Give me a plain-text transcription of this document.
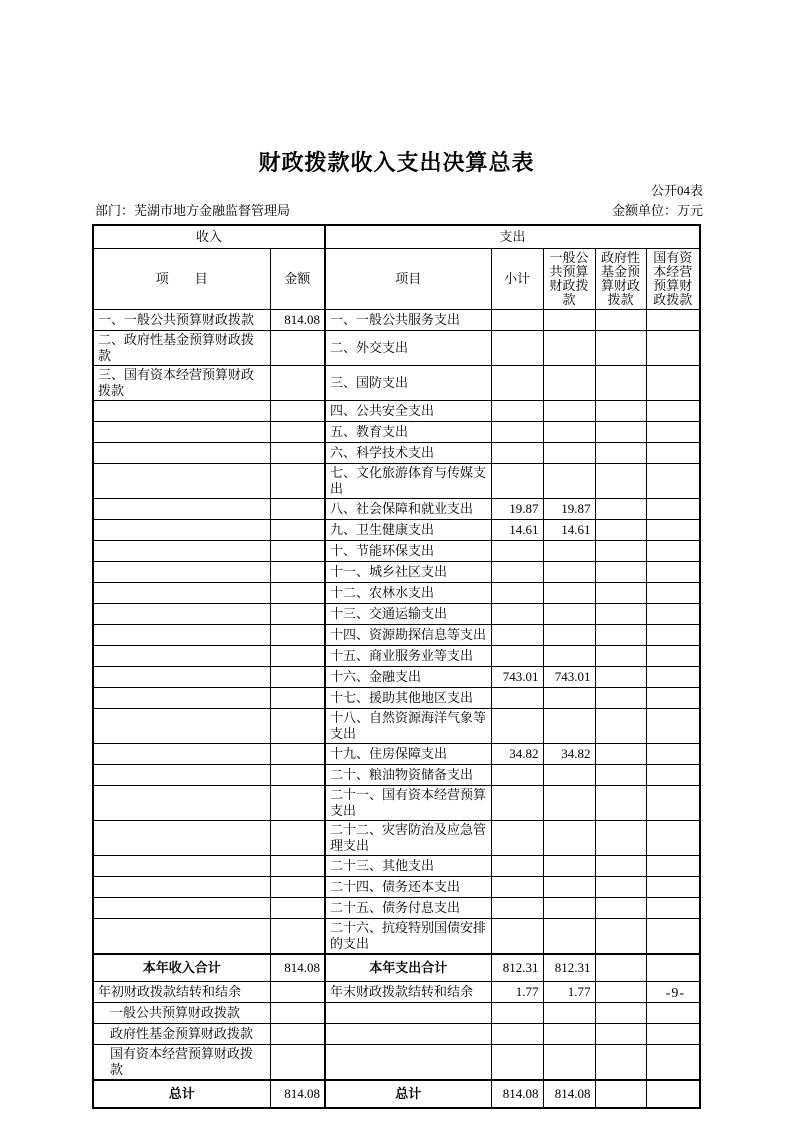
财政拨款收入支出决算总表
公开04表
部门：芜湖市地方金融监督管理局	金额单位：万元
收入		支出				
项　　目	金额	项目	小计	一般公共预算财政拨款	政府性基金预算财政拨款	国有资本经营预算财政拨款
一、一般公共预算财政拨款	814.08	一、一般公共服务支出				
二、政府性基金预算财政拨款		二、外交支出				
三、国有资本经营预算财政拨款		三、国防支出				
		四、公共安全支出				
		五、教育支出				
		六、科学技术支出				
		七、文化旅游体育与传媒支出				
		八、社会保障和就业支出	19.87	19.87		
		九、卫生健康支出	14.61	14.61		
		十、节能环保支出				
		十一、城乡社区支出				
		十二、农林水支出				
		十三、交通运输支出				
		十四、资源勘探信息等支出				
		十五、商业服务业等支出				
		十六、金融支出	743.01	743.01		
		十七、援助其他地区支出				
		十八、自然资源海洋气象等支出				
		十九、住房保障支出	34.82	34.82		
		二十、粮油物资储备支出				
		二十一、国有资本经营预算支出				
		二十二、灾害防治及应急管理支出				
		二十三、其他支出				
		二十四、债务还本支出				
		二十五、债务付息支出				
		二十六、抗疫特别国债安排的支出				
本年收入合计	814.08	本年支出合计	812.31	812.31		
年初财政拨款结转和结余		年末财政拨款结转和结余	1.77	1.77		
一般公共预算财政拨款						
政府性基金预算财政拨款						
国有资本经营预算财政拨款						
总计	814.08	总计	814.08	814.08		
-9-
